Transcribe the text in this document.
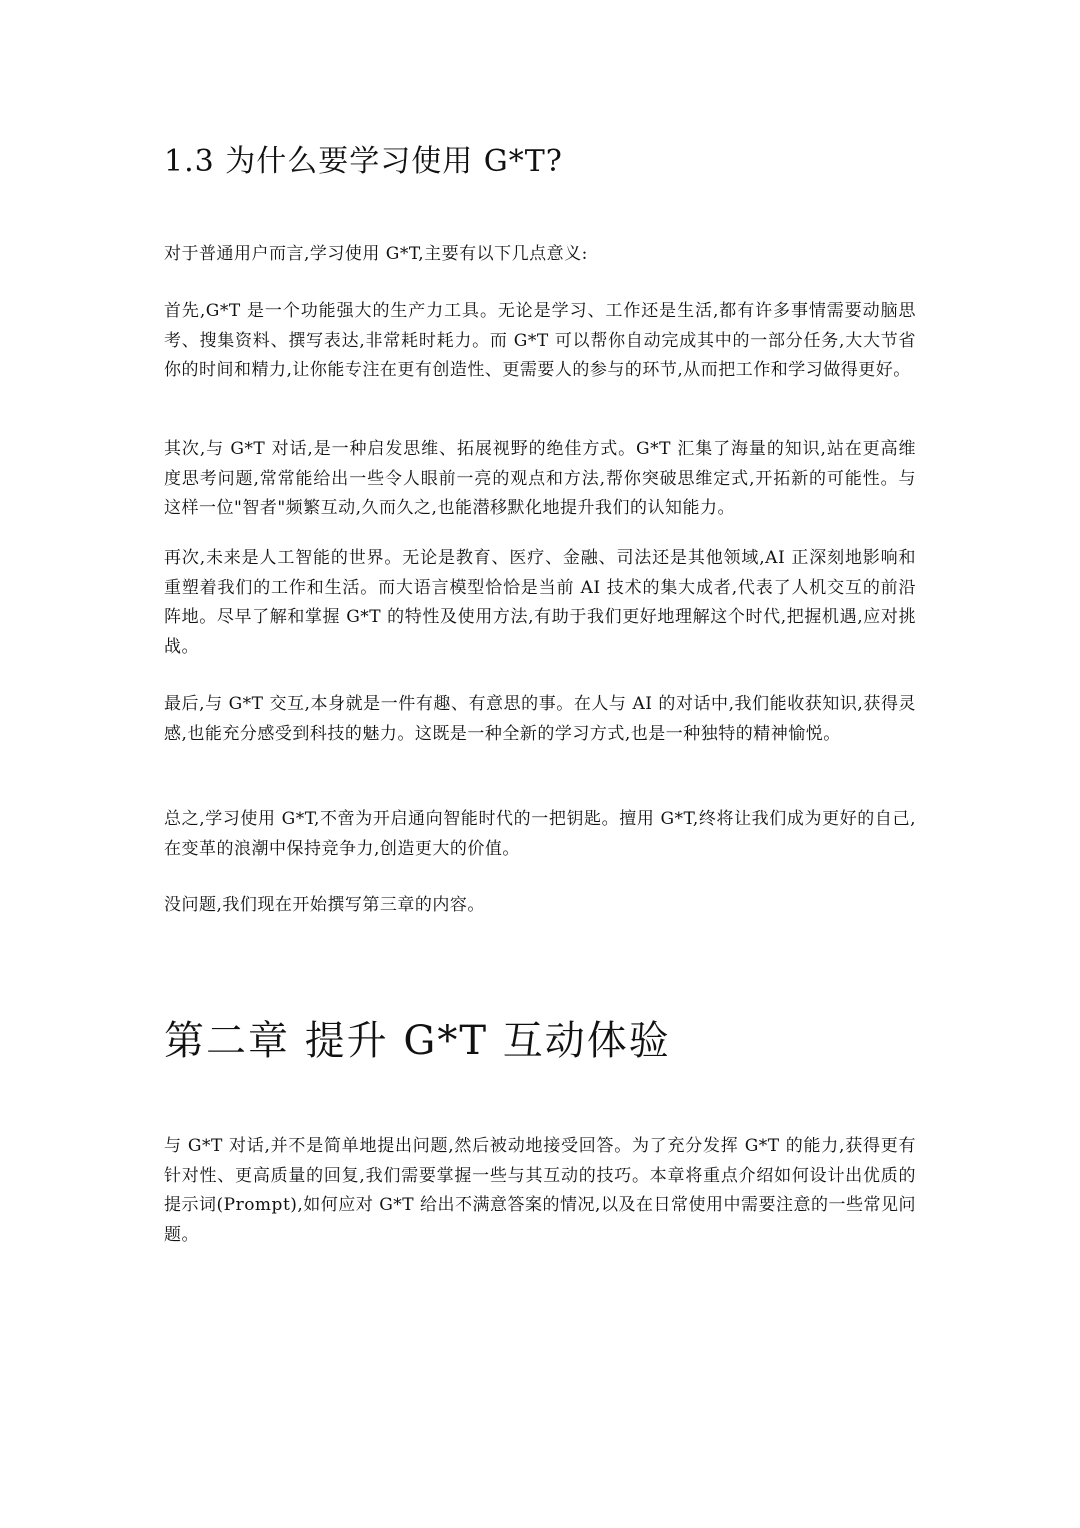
1.3 为什么要学习使用 G*T?

对于普通用户而言,学习使用 G*T,主要有以下几点意义:

首先,G*T 是一个功能强大的生产力工具。无论是学习、工作还是生活,都有许多事情需要动脑思考、搜集资料、撰写表达,非常耗时耗力。而 G*T 可以帮你自动完成其中的一部分任务,大大节省你的时间和精力,让你能专注在更有创造性、更需要人的参与的环节,从而把工作和学习做得更好。

其次,与 G*T 对话,是一种启发思维、拓展视野的绝佳方式。G*T 汇集了海量的知识,站在更高维度思考问题,常常能给出一些令人眼前一亮的观点和方法,帮你突破思维定式,开拓新的可能性。与这样一位"智者"频繁互动,久而久之,也能潜移默化地提升我们的认知能力。

再次,未来是人工智能的世界。无论是教育、医疗、金融、司法还是其他领域,AI 正深刻地影响和重塑着我们的工作和生活。而大语言模型恰恰是当前 AI 技术的集大成者,代表了人机交互的前沿阵地。尽早了解和掌握 G*T 的特性及使用方法,有助于我们更好地理解这个时代,把握机遇,应对挑战。

最后,与 G*T 交互,本身就是一件有趣、有意思的事。在人与 AI 的对话中,我们能收获知识,获得灵感,也能充分感受到科技的魅力。这既是一种全新的学习方式,也是一种独特的精神愉悦。

总之,学习使用 G*T,不啻为开启通向智能时代的一把钥匙。擅用 G*T,终将让我们成为更好的自己,在变革的浪潮中保持竞争力,创造更大的价值。

没问题,我们现在开始撰写第三章的内容。

第二章 提升 G*T 互动体验

与 G*T 对话,并不是简单地提出问题,然后被动地接受回答。为了充分发挥 G*T 的能力,获得更有针对性、更高质量的回复,我们需要掌握一些与其互动的技巧。本章将重点介绍如何设计出优质的提示词(Prompt),如何应对 G*T 给出不满意答案的情况,以及在日常使用中需要注意的一些常见问题。
